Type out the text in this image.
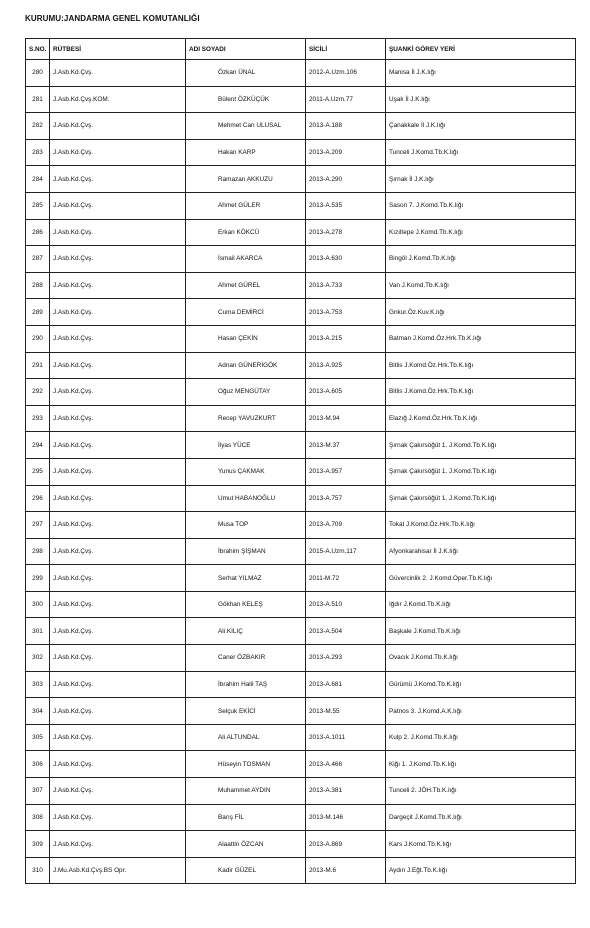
KURUMU:JANDARMA GENEL KOMUTANLIĞI
S.NO.	RÜTBESİ	ADI SOYADI	SİCİLİ	ŞUANKİ GÖREV YERİ
280	J.Asb.Kd.Çvş.	Özkan ÜNAL	2012-A.Uzm.106	Manisa İl J.K.lığı
281	J.Asb.Kd.Çvş.KOM.	Bülent ÖZKÜÇÜK	2011-A.Uzm.77	Uşak İl J.K.lığı
282	J.Asb.Kd.Çvş.	Mehmet Can ULUSAL	2013-A.188	Çanakkale İl J.K.lığı
283	J.Asb.Kd.Çvş.	Hakan KARP	2013-A.209	Tunceli J.Komd.Tb.K.lığı
284	J.Asb.Kd.Çvş.	Ramazan AKKUZU	2013-A.290	Şırnak İl J.K.lığı
285	J.Asb.Kd.Çvş.	Ahmet GÜLER	2013-A.535	Sason 7. J.Komd.Tb.K.lığı
286	J.Asb.Kd.Çvş.	Erkan KÖKCÜ	2013-A.278	Kızıltepe J.Komd.Tb.K.lığı
287	J.Asb.Kd.Çvş.	İsmail AKARCA	2013-A.630	Bingöl J.Komd.Tb.K.lığı
288	J.Asb.Kd.Çvş.	Ahmet GÜREL	2013-A.733	Van J.Komd.Tb.K.lığı
289	J.Asb.Kd.Çvş.	Cuma DEMİRCİ	2013-A.753	Gnkur.Öz.Kuv.K.lığı
290	J.Asb.Kd.Çvş.	Hasan ÇEKİN	2013-A.215	Batman J.Komd.Öz.Hrk.Tb.K.lığı
291	J.Asb.Kd.Çvş.	Adnan GÜNERİGÖK	2013-A.925	Bitlis J.Komd.Öz.Hrk.Tb.K.lığı
292	J.Asb.Kd.Çvş.	Oğuz MENGÜTAY	2013-A.605	Bitlis J.Komd.Öz.Hrk.Tb.K.lığı
293	J.Asb.Kd.Çvş.	Recep YAVUZKURT	2013-M.94	Elazığ J.Komd.Öz.Hrk.Tb.K.lığı
294	J.Asb.Kd.Çvş.	İlyas YÜCE	2013-M.37	Şırnak Çakırsöğüt 1. J.Komd.Tb.K.lığı
295	J.Asb.Kd.Çvş.	Yunus ÇAKMAK	2013-A.957	Şırnak Çakırsöğüt 1. J.Komd.Tb.K.lığı
296	J.Asb.Kd.Çvş.	Umut HABANOĞLU	2013-A.757	Şırnak Çakırsöğüt 1. J.Komd.Tb.K.lığı
297	J.Asb.Kd.Çvş.	Musa TOP	2013-A.709	Tokat J.Komd.Öz.Hrk.Tb.K.lığı
298	J.Asb.Kd.Çvş.	İbrahim ŞİŞMAN	2015-A.Uzm.117	Afyonkarahisar İl J.K.lığı
299	J.Asb.Kd.Çvş.	Serhat YILMAZ	2011-M.72	Güvercinlik 2. J.Komd.Oper.Tb.K.lığı
300	J.Asb.Kd.Çvş.	Gökhan KELEŞ	2013-A.510	Iğdır J.Komd.Tb.K.lığı
301	J.Asb.Kd.Çvş.	Ali KILIÇ	2013-A.504	Başkale J.Komd.Tb.K.lığı
302	J.Asb.Kd.Çvş.	Caner ÖZBAKIR	2013-A.293	Ovacık J.Komd.Tb.K.lığı
303	J.Asb.Kd.Çvş.	İbrahim Halil TAŞ	2013-A.681	Gürümü J.Komd.Tb.K.lığı
304	J.Asb.Kd.Çvş.	Selçuk EKİCİ	2013-M.55	Patnos 3. J.Komd.A.K.lığı
305	J.Asb.Kd.Çvş.	Ali ALTUNDAL	2013-A.1011	Kulp 2. J.Komd.Tb.K.lığı
306	J.Asb.Kd.Çvş.	Hüseyin TOSMAN	2013-A.466	Kiğı 1. J.Komd.Tb.K.lığı
307	J.Asb.Kd.Çvş.	Muhammet AYDIN	2013-A.381	Tunceli 2. JÖH.Tb.K.lığı
308	J.Asb.Kd.Çvş.	Barış FİL	2013-M.146	Dargeçit J.Komd.Tb.K.lığı
309	J.Asb.Kd.Çvş.	Alaattin ÖZCAN	2013-A.869	Kars J.Komd.Tb.K.lığı
310	J.Mu.Asb.Kd.Çvş.BS Opr.	Kadir GÜZEL	2013-M.6	Aydın J.Eğt.Tb.K.lığı
